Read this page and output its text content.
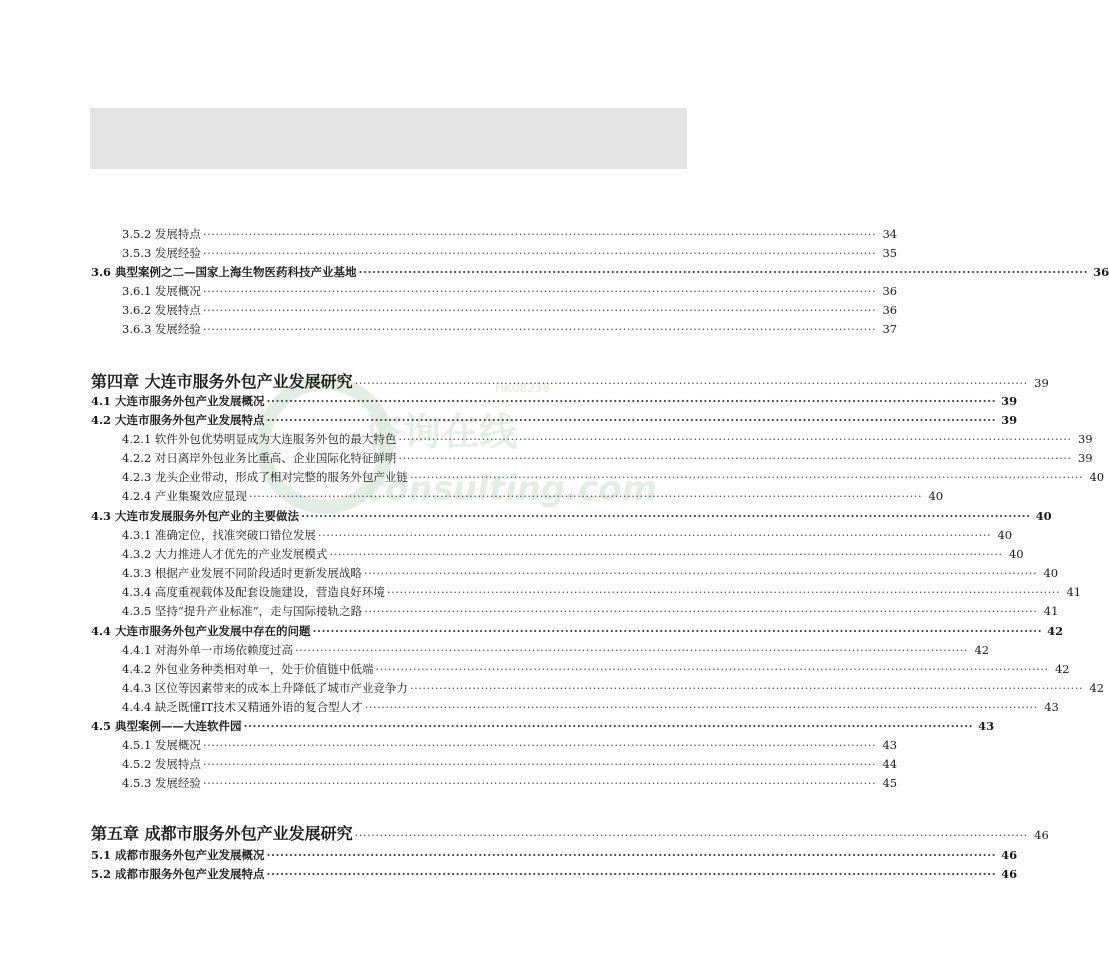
咨询在线
consulting.com
HK08238
3.5.2 发展特点 ·····	34
3.5.3 发展经验 ·····	35
3.6 典型案例之二—国家上海生物医药科技产业基地 ·····	36
3.6.1 发展概况 ·····	36
3.6.2 发展特点 ·····	36
3.6.3 发展经验 ·····	37
第四章 大连市服务外包产业发展研究 ·····	39
4.1 大连市服务外包产业发展概况 ·····	39
4.2 大连市服务外包产业发展特点 ·····	39
4.2.1 软件外包优势明显成为大连服务外包的最大特色 ·····	39
4.2.2 对日离岸外包业务比重高、企业国际化特征鲜明 ·····	39
4.2.3 龙头企业带动，形成了相对完整的服务外包产业链 ·····	40
4.2.4 产业集聚效应显现 ·····	40
4.3 大连市发展服务外包产业的主要做法 ·····	40
4.3.1 准确定位，找准突破口错位发展 ·····	40
4.3.2 大力推进人才优先的产业发展模式 ·····	40
4.3.3 根据产业发展不同阶段适时更新发展战略 ·····	40
4.3.4 高度重视载体及配套设施建设，营造良好环境 ·····	41
4.3.5 坚持“提升产业标准”，走与国际接轨之路 ·····	41
4.4 大连市服务外包产业发展中存在的问题 ·····	42
4.4.1 对海外单一市场依赖度过高 ·····	42
4.4.2 外包业务种类相对单一，处于价值链中低端 ·····	42
4.4.3 区位等因素带来的成本上升降低了城市产业竞争力 ·····	42
4.4.4 缺乏既懂IT技术又精通外语的复合型人才 ·····	43
4.5 典型案例——大连软件园 ·····	43
4.5.1 发展概况 ·····	43
4.5.2 发展特点 ·····	44
4.5.3 发展经验 ·····	45
第五章 成都市服务外包产业发展研究 ·····	46
5.1 成都市服务外包产业发展概况 ·····	46
5.2 成都市服务外包产业发展特点 ·····	46
